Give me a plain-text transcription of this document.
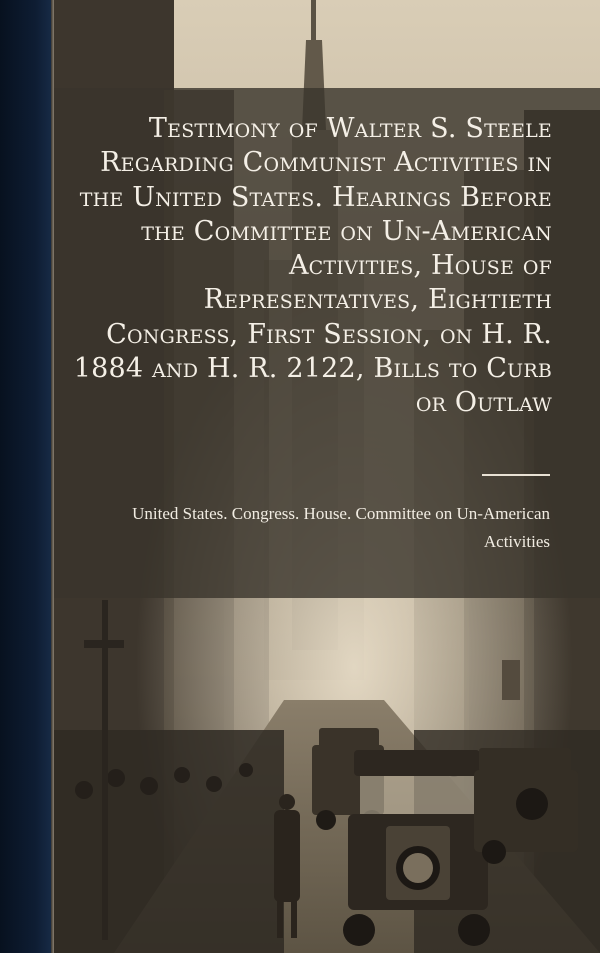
Testimony of Walter S. Steele Regarding Communist Activities in the United States. Hearings Before the Committee on Un-American Activities, House of Representatives, Eightieth Congress, First Session, on H. R. 1884 and H. R. 2122, Bills to Curb or Outlaw

United States. Congress. House. Committee on Un-American Activities
